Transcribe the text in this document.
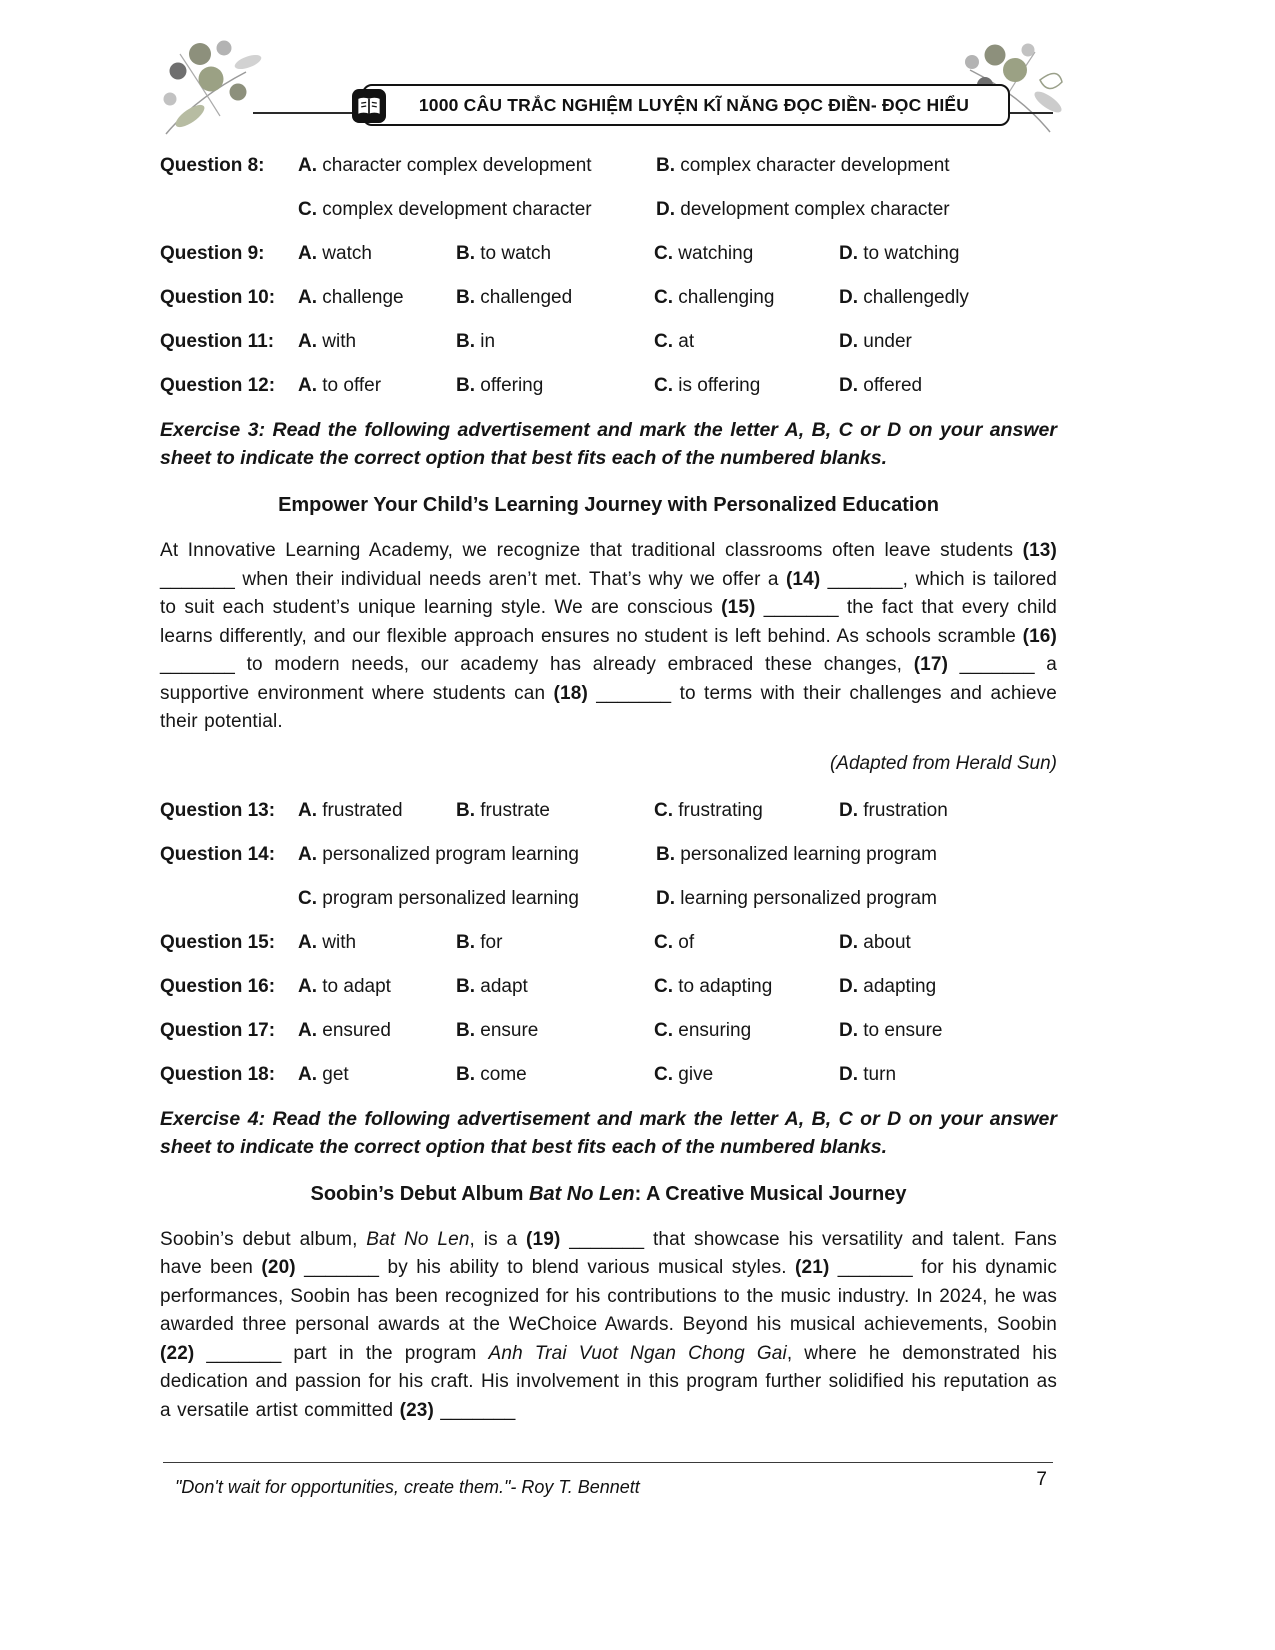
1000 CÂU TRẮC NGHIỆM LUYỆN KĨ NĂNG ĐỌC ĐIỀN- ĐỌC HIỂU
Question 8:	A. character complex development	B. complex character development
C. complex development character	D. development complex character
Question 9:	A. watch	B. to watch	C. watching	D. to watching
Question 10:	A. challenge	B. challenged	C. challenging	D. challengedly
Question 11:	A. with	B. in	C. at	D. under
Question 12:	A. to offer	B. offering	C. is offering	D. offered

Exercise 3: Read the following advertisement and mark the letter A, B, C or D on your answer sheet to indicate the correct option that best fits each of the numbered blanks.

Empower Your Child’s Learning Journey with Personalized Education

At Innovative Learning Academy, we recognize that traditional classrooms often leave students (13) _______ when their individual needs aren’t met. That’s why we offer a (14) _______, which is tailored to suit each student’s unique learning style. We are conscious (15) _______ the fact that every child learns differently, and our flexible approach ensures no student is left behind. As schools scramble (16) _______ to modern needs, our academy has already embraced these changes, (17) _______ a supportive environment where students can (18) _______ to terms with their challenges and achieve their potential.

(Adapted from Herald Sun)

Question 13:	A. frustrated	B. frustrate	C. frustrating	D. frustration
Question 14:	A. personalized program learning	B. personalized learning program
C. program personalized learning	D. learning personalized program
Question 15:	A. with	B. for	C. of	D. about
Question 16:	A. to adapt	B. adapt	C. to adapting	D. adapting
Question 17:	A. ensured	B. ensure	C. ensuring	D. to ensure
Question 18:	A. get	B. come	C. give	D. turn

Exercise 4: Read the following advertisement and mark the letter A, B, C or D on your answer sheet to indicate the correct option that best fits each of the numbered blanks.

Soobin’s Debut Album Bat No Len: A Creative Musical Journey

Soobin’s debut album, Bat No Len, is a (19) _______ that showcase his versatility and talent. Fans have been (20) _______ by his ability to blend various musical styles. (21) _______ for his dynamic performances, Soobin has been recognized for his contributions to the music industry. In 2024, he was awarded three personal awards at the WeChoice Awards. Beyond his musical achievements, Soobin (22) _______ part in the program Anh Trai Vuot Ngan Chong Gai, where he demonstrated his dedication and passion for his craft. His involvement in this program further solidified his reputation as a versatile artist committed (23) _______

"Don't wait for opportunities, create them."- Roy T. Bennett	7
